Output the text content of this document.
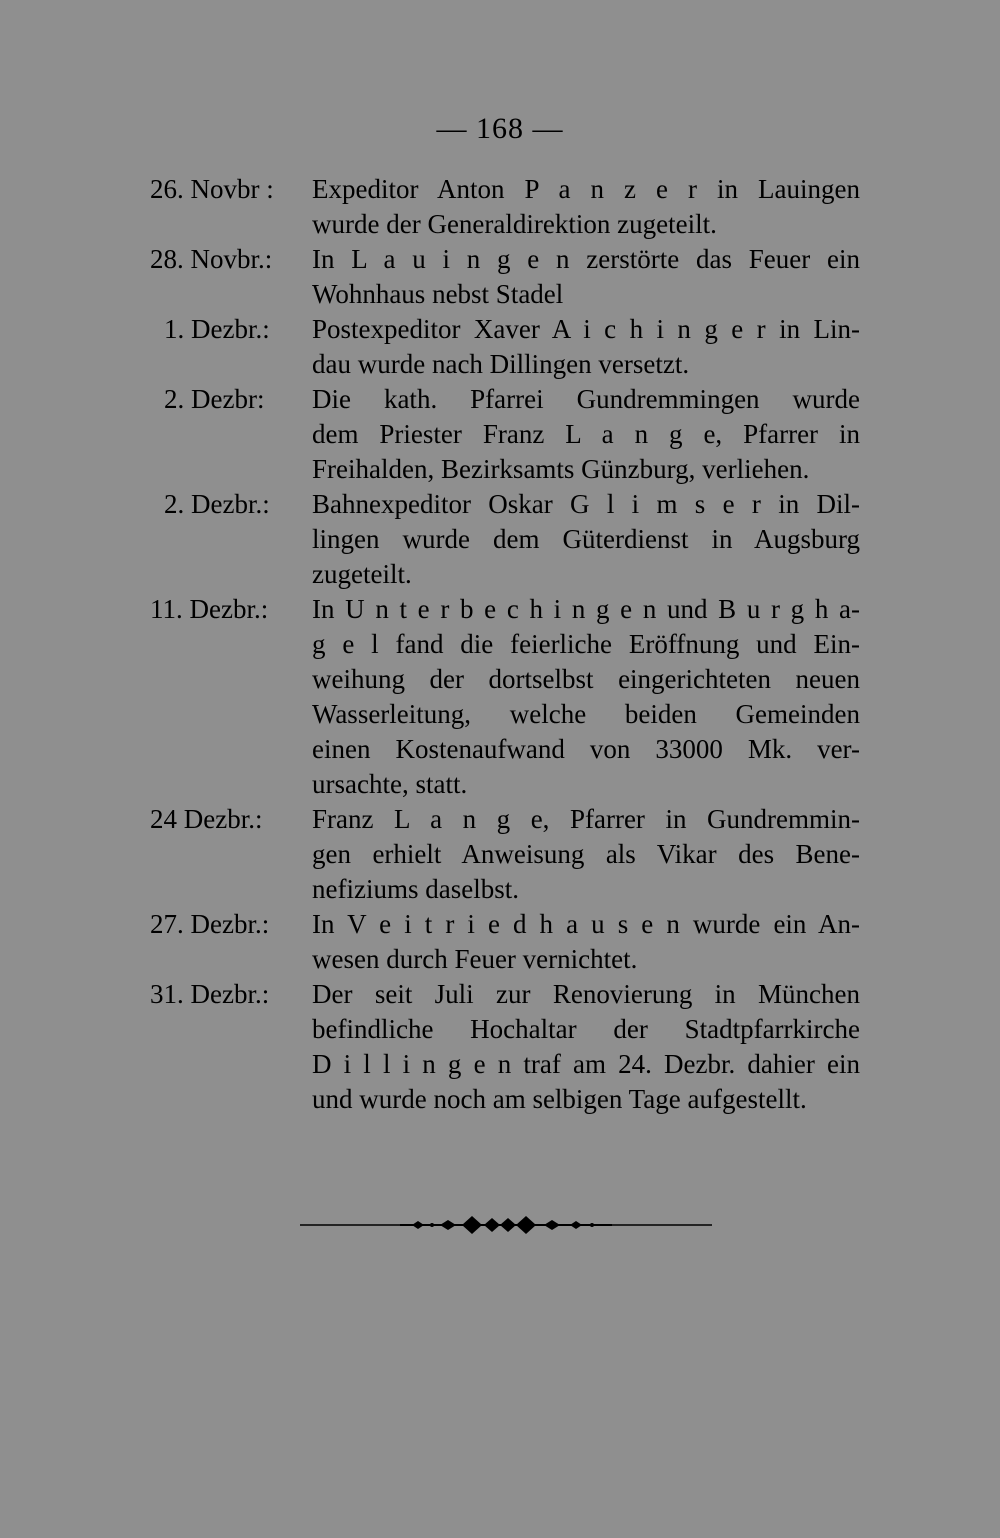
— 168 —
26. Novbr :	Expeditor Anton P a n z e r in Lauingen
wurde der Generaldirektion zugeteilt.
28. Novbr.:	In L a u i n g e n zerstörte das Feuer ein
Wohnhaus nebst Stadel
1. Dezbr.:	Postexpeditor Xaver A i c h i n g e r in Lin-
dau wurde nach Dillingen versetzt.
2. Dezbr:	Die kath. Pfarrei Gundremmingen wurde
dem Priester Franz L a n g e, Pfarrer in
Freihalden, Bezirksamts Günzburg, verliehen.
2. Dezbr.:	Bahnexpeditor Oskar G l i m s e r in Dil-
lingen wurde dem Güterdienst in Augsburg
zugeteilt.
11. Dezbr.:	In U n t e r b e c h i n g e n und B u r g h a-
g e l fand die feierliche Eröffnung und Ein-
weihung der dortselbst eingerichteten neuen
Wasserleitung, welche beiden Gemeinden
einen Kostenaufwand von 33000 Mk. ver-
ursachte, statt.
24 Dezbr.:	Franz L a n g e, Pfarrer in Gundremmin-
gen erhielt Anweisung als Vikar des Bene-
nefiziums daselbst.
27. Dezbr.:	In V e i t r i e d h a u s e n wurde ein An-
wesen durch Feuer vernichtet.
31. Dezbr.:	Der seit Juli zur Renovierung in München
befindliche Hochaltar der Stadtpfarrkirche
D i l l i n g e n traf am 24. Dezbr. dahier ein
und wurde noch am selbigen Tage aufgestellt.
